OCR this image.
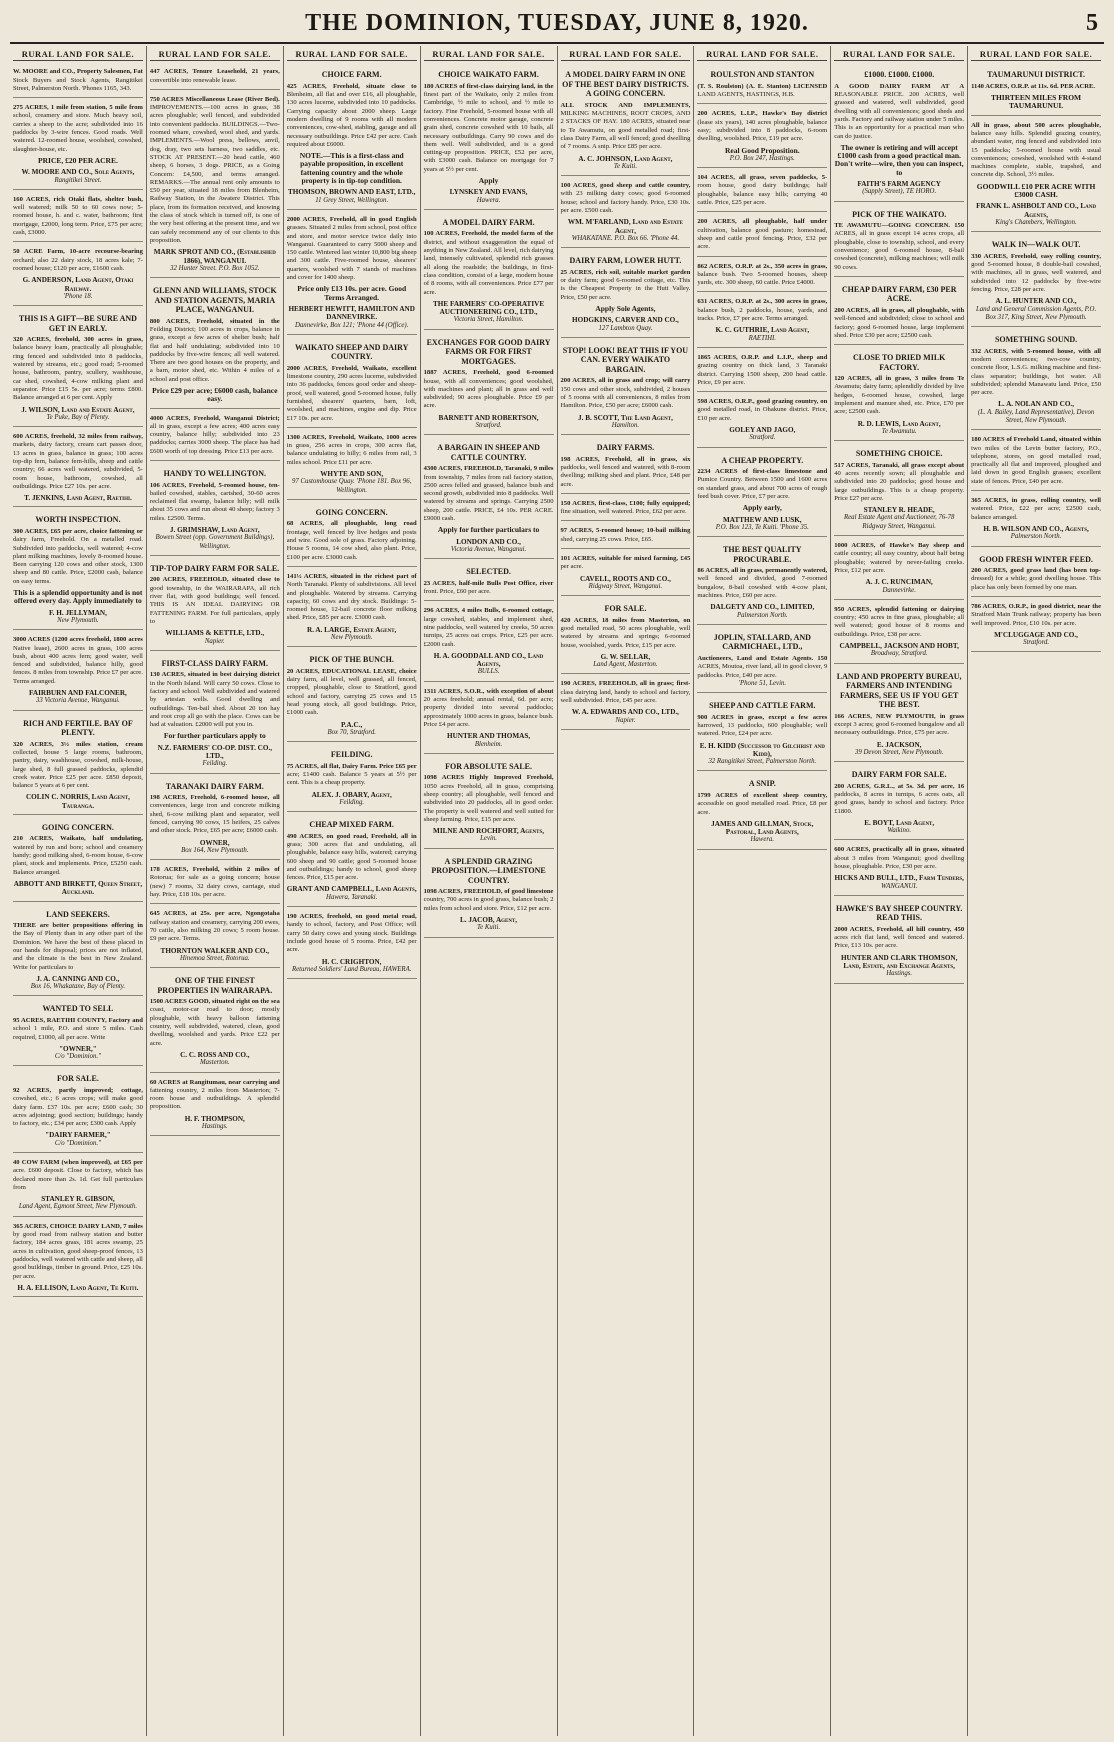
THE DOMINION, TUESDAY, JUNE 8, 1920.	5
RURAL LAND FOR SALE.
W. MOORE and CO., Property Salesmen, Fat Stock Buyers and Stock Agents, Rangitikei Street, Palmerston North. 'Phones 1165, 343.
275 ACRES, 1 mile from station, 5 mile from school, creamery and store. Much heavy soil, carries a sheep to the acre; subdivided into 16 paddocks by 3-wire fences. Good roads. Well watered. 12-roomed house, woolshed, cowshed, slaughter-house, etc.
PRICE, £20 PER ACRE.
W. MOORE AND CO., Sole Agents,
Rangitikei Street.
160 ACRES, rich Otaki flats, shelter bush, well watered; milk 50 to 60 cows now; 5-roomed house, h. and c. water, bathroom; first mortgage, £2000, long term. Price, £75 per acre; cash, £3000.
50 ACRE Farm, 10-acre recourse-bearing orchard; also 22 dairy stock, 18 acres kale; 7-roomed house; £120 per acre, £1600 cash.
G. ANDERSON, Land Agent, Otaki Railway.
'Phone 18.
THIS IS A GIFT—BE SURE AND GET IN EARLY.
320 ACRES, freehold, 300 acres in grass, balance heavy loam, practically all ploughable; ring fenced and subdivided into 8 paddocks, watered by streams, etc.; good road; 5-roomed house, bathroom, pantry, scullery, washhouse, car shed, cowshed, 4-cow milking plant and separator. Price £15 5s. per acre; terms £800. Balance arranged at 6 per cent. Apply
J. WILSON, Land and Estate Agent,
Te Puke, Bay of Plenty.
600 ACRES, freehold, 32 miles from railway, markets, dairy factory, cream cart passes door, 13 acres in grass, balance in grass; 100 acres top-dip fern, balance fern-hills, sheep and cattle country; 66 acres well watered, subdivided, 5-room house, bathroom, cowshed, all outbuildings. Price £27 10s. per acre.
T. JENKINS, Land Agent, Raetihi.
WORTH INSPECTION.
300 ACRES, £65 per acre, choice fattening or dairy farm, Freehold. On a metalled road. Subdivided into paddocks, well watered; 4-cow plant milking machines, lovely 8-roomed house. Been carrying 120 cows and other stock, 1300 sheep and 80 cattle. Price, £2000 cash, balance on easy terms.
This is a splendid opportunity and is not offered every day. Apply immediately to
F. H. JELLYMAN,
New Plymouth.
3000 ACRES (1200 acres freehold, 1800 acres Native lease), 2600 acres in grass, 100 acres bush, about 400 acres fern; good water, well fenced and subdivided, balance hilly, good fences. 8 miles from township. Price £7 per acre. Terms arranged.
FAIRBURN AND FALCONER,
33 Victoria Avenue, Wanganui.
RICH AND FERTILE. BAY OF PLENTY.
320 ACRES, 3½ miles station, cream collected, house 5 large rooms, bathroom, pantry, dairy, washhouse, cowshed, milk-house, large shed, 8 full grassed paddocks, splendid creek water. Price £25 per acre. £850 deposit, balance 5 years at 6 per cent.
COLIN C. NORRIS, Land Agent, Tauranga.
GOING CONCERN.
210 ACRES, Waikato, half undulating, watered by run and bore; school and creamery handy; good milking shed, 6-room house, 6-cow plant, stock and implements. Price, £5250 cash. Balance arranged.
ABBOTT AND BIRKETT, Queen Street, Auckland.
LAND SEEKERS.
THERE are better propositions offering in the Bay of Plenty than in any other part of the Dominion. We have the best of these placed in our hands for disposal; prices are not inflated, and the climate is the best in New Zealand. Write for particulars to
J. A. CANNING AND CO.,
Box 16, Whakatane, Bay of Plenty.
WANTED TO SELL
95 ACRES, RAETIHI COUNTY, Factory and school 1 mile, P.O. and store 5 miles. Cash required, £1000, all per acre. Write
"OWNER,"
C/o "Dominion."
FOR SALE.
92 ACRES, partly improved; cottage, cowshed, etc.; 6 acres crops; will make good dairy farm. £37 10s. per acre; £600 cash; 30 acres adjoining; good section; buildings; handy to factory, etc.; £34 per acre; £300 cash. Apply
"DAIRY FARMER,"
C/o "Dominion."
40 COW FARM (when improved), at £65 per acre. £600 deposit. Close to factory, which has declared more than 2s. 1d. Get full particulars from
STANLEY R. GIBSON,
Land Agent, Egmont Street, New Plymouth.
365 ACRES, CHOICE DAIRY LAND, 7 miles by good road from railway station and butter factory, 184 acres grass, 181 acres swamp, 25 acres in cultivation, good sheep-proof fences, 13 paddocks, well watered with cattle and sheep, all good buildings, timber in ground. Price, £25 10s. per acre.
H. A. ELLISON, Land Agent, Te Kuiti.
RURAL LAND FOR SALE.
447 ACRES, Tenure Leasehold, 21 years, convertible into renewable lease.
750 ACRES Miscellaneous Lease (River Bed). IMPROVEMENTS.—100 acres in grass, 38 acres ploughable; well fenced, and subdivided into convenient paddocks. BUILDINGS.—Two-roomed whare, cowshed, wool shed, and yards. IMPLEMENTS.—Wool press, bellows, anvil, dog, dray, two sets harness, two saddles, etc. STOCK AT PRESENT.—20 head cattle, 460 sheep, 6 horses, 3 dogs. PRICE, as a Going Concern: £4,500, and terms arranged. REMARKS.—The annual rent only amounts to £50 per year, situated 18 miles from Blenheim, Railway Station, in the Awatere District. This place, from its formation received, and knowing the class of stock which is turned off, is one of the very best offering at the present time, and we can safely recommend any of our clients to this proposition.
MARK SPROT AND CO., (Established 1866), WANGANUI.
32 Hunter Street. P.O. Box 1052.
GLENN AND WILLIAMS, STOCK AND STATION AGENTS, MARIA PLACE, WANGANUI.
800 ACRES, Freehold, situated in the Feilding District; 100 acres in crops, balance in grass, except a few acres of shelter bush; half flat and half undulating; subdivided into 10 paddocks by five-wire fences; all well watered. There are two good houses on the property, and a barn, motor shed, etc. Within 4 miles of a school and post office.
Price £29 per acre; £6000 cash, balance easy.
4000 ACRES, Freehold, Wanganui District; all in grass, except a few acres; 400 acres easy country, balance hilly; subdivided into 23 paddocks; carries 3000 sheep. The place has had £600 worth of top dressing. Price £13 per acre.
HANDY TO WELLINGTON.
106 ACRES, Freehold, 5-roomed house, ten-bailed cowshed, stables, cartshed, 30-60 acres reclaimed flat swamp, balance hilly; will milk about 35 cows and run about 40 sheep; factory 3 miles. £2500. Terms.
J. GRIMSHAW, Land Agent,
Bowen Street (opp. Government Buildings), Wellington.
TIP-TOP DAIRY FARM FOR SALE.
200 ACRES, FREEHOLD, situated close to good township, in the WAIRARAPA, all rich river flat, with good buildings; well fenced. THIS IS AN IDEAL DAIRYING OR FATTENING FARM. For full particulars, apply to
WILLIAMS & KETTLE, LTD.,
Napier.
FIRST-CLASS DAIRY FARM.
130 ACRES, situated in best dairying district in the North Island. Will carry 50 cows. Close to factory and school. Well subdivided and watered by artesian wells. Good dwelling and outbuildings. Ten-bail shed. About 20 ton hay and root crop all go with the place. Cows can be had at valuation. £2000 will put you in.
For further particulars apply to
N.Z. FARMERS' CO-OP. DIST. CO., LTD.,
Feilding.
TARANAKI DAIRY FARM.
198 ACRES, Freehold, 6-roomed house, all conveniences, large iron and concrete milking shed, 6-cow milking plant and separator, well fenced, carrying 90 cows, 15 heifers, 25 calves and other stock. Price, £65 per acre; £6000 cash.
OWNER,
Box 164, New Plymouth.
178 ACRES, Freehold, within 2 miles of Rotorua; for sale as a going concern; house (new) 7 rooms, 32 dairy cows, carriage, stud hay. Price, £18 10s. per acre.
645 ACRES, at 25s. per acre, Ngongotaha railway station and creamery, carrying 200 ewes, 70 cattle, also milking 20 cows; 5 room house. £9 per acre. Terms.
THORNTON WALKER AND CO.,
Hinemoa Street, Rotorua.
ONE OF THE FINEST PROPERTIES IN WAIRARAPA.
1500 ACRES GOOD, situated right on the sea coast, motor-car road to door; mostly ploughable, with heavy balloon fattening country, well subdivided, watered, clean, good dwelling, woolshed and yards. Price £22 per acre.
C. C. ROSS AND CO.,
Masterton.
60 ACRES at Rangitumau, near carrying and fattening country, 2 miles from Masterton; 7-room house and outbuildings. A splendid proposition.
H. F. THOMPSON,
Hastings.
RURAL LAND FOR SALE.
CHOICE FARM.
425 ACRES, Freehold, situate close to Blenheim, all flat and over £16, all ploughable, 130 acres lucerne, subdivided into 10 paddocks. Carrying capacity about 2000 sheep. Large modern dwelling of 9 rooms with all modern conveniences, cow-shed, stabling, garage and all necessary outbuildings. Price £42 per acre. Cash required about £6000.
NOTE.—This is a first-class and payable proposition, in excellent fattening country and the whole property is in tip-top condition.
THOMSON, BROWN AND EAST, LTD.,
11 Grey Street, Wellington.
2000 ACRES, Freehold, all in good English grasses. Situated 2 miles from school, post office and store, and motor service twice daily into Wanganui. Guaranteed to carry 5000 sheep and 150 cattle. Wintered last winter 10,800 big sheep and 300 cattle. Five-roomed house, shearers' quarters, woolshed with 7 stands of machines and cover for 1400 sheep.
Price only £13 10s. per acre. Good Terms Arranged.
HERBERT HEWITT, HAMILTON AND DANNEVIRKE.
Dannevirke, Box 121; 'Phone 44 (Office).
WAIKATO SHEEP AND DAIRY COUNTRY.
2000 ACRES, Freehold, Waikato, excellent limestone country, 290 acres lucerne, subdivided into 36 paddocks, fences good order and sheep-proof, well watered, good 5-roomed house, fully furnished, shearers' quarters, barn, loft, woolshed, and machines, engine and dip. Price £17 10s. per acre.
1300 ACRES, Freehold, Waikato, 1000 acres in grass, 256 acres in crops, 300 acres flat, balance undulating to hilly; 6 miles from rail, 3 miles school. Price £11 per acre.
WHYTE AND SON,
97 Customhouse Quay. 'Phone 181. Box 96, Wellington.
GOING CONCERN.
68 ACRES, all ploughable, long road frontage, well fenced by live hedges and posts and wire. Good sole of grass. Factory adjoining. House 5 rooms, 14 cow shed, also plant. Price, £100 per acre. £3000 cash.
141½ ACRES, situated in the richest part of North Taranaki. Plenty of subdivisions. All level and ploughable. Watered by streams. Carrying capacity, 60 cows and dry stock. Buildings: 5-roomed house, 12-bail concrete floor milking shed. Price, £85 per acre. £3000 cash.
R. A. LARGE, Estate Agent,
New Plymouth.
PICK OF THE BUNCH.
20 ACRES, EDUCATIONAL LEASE, choice dairy farm, all level, well grassed, all fenced, cropped, ploughable, close to Stratford, good school and factory, carrying 25 cows and 15 head young stock, all good buildings. Price, £1000 cash.
P.A.C.,
Box 70, Stratford.
FEILDING.
75 ACRES, all flat, Dairy Farm. Price £65 per acre; £1400 cash. Balance 5 years at 5½ per cent. This is a cheap property.
ALEX. J. OBARY, Agent,
Feilding.
CHEAP MIXED FARM.
490 ACRES, on good road, Freehold, all in grass; 300 acres flat and undulating, all ploughable, balance easy hills, watered; carrying 600 sheep and 90 cattle; good 5-roomed house and outbuildings; handy to school, good sheep fences. Price, £15 per acre.
GRANT AND CAMPBELL, Land Agents,
Hawera, Taranaki.
190 ACRES, freehold, on good metal road, handy to school, factory, and Post Office; will carry 50 dairy cows and young stock. Buildings include good house of 5 rooms. Price, £42 per acre.
H. C. CRIGHTON,
Returned Soldiers' Land Bureau, HAWERA.
RURAL LAND FOR SALE.
CHOICE WAIKATO FARM.
180 ACRES of first-class dairying land, in the finest part of the Waikato, only 2 miles from Cambridge, ½ mile to school, and ½ mile to factory. Fine Freehold, 5-roomed house with all conveniences. Concrete motor garage, concrete grain shed, concrete cowshed with 10 bails, all necessary outbuildings. Carry 90 cows and do them well. Well subdivided, and is a good cutting-up proposition. PRICE, £52 per acre, with £3000 cash. Balance on mortgage for 7 years at 5½ per cent.
Apply
LYNSKEY AND EVANS,
Hawera.
A MODEL DAIRY FARM.
100 ACRES, Freehold, the model farm of the district, and without exaggeration the equal of anything in New Zealand. All level, rich dairying land, intensely cultivated, splendid rich grasses all along the roadside; the buildings, in first-class condition, consist of a large, modern house of 8 rooms, with all conveniences. Price £77 per acre.
THE FARMERS' CO-OPERATIVE AUCTIONEERING CO., LTD.,
Victoria Street, Hamilton.
EXCHANGES FOR GOOD DAIRY FARMS OR FOR FIRST MORTGAGES.
1887 ACRES, Freehold, good 6-roomed house, with all conveniences; good woolshed, with machines and plant; all in grass and well subdivided; 90 acres ploughable. Price £9 per acre.
BARNETT AND ROBERTSON,
Stratford.
A BARGAIN IN SHEEP AND CATTLE COUNTRY.
4300 ACRES, FREEHOLD, Taranaki, 9 miles from township, 7 miles from rail factory station, 2500 acres felled and grassed, balance bush and second growth, subdivided into 8 paddocks. Well watered by streams and springs. Carrying 2500 sheep, 200 cattle. PRICE, £4 10s. PER ACRE. £9000 cash.
Apply for further particulars to
LONDON AND CO.,
Victoria Avenue, Wanganui.
SELECTED.
23 ACRES, half-mile Bulls Post Office, river front. Price, £60 per acre.
296 ACRES, 4 miles Bulls, 6-roomed cottage, large cowshed, stables, and implement shed, nine paddocks, well watered by creeks, 50 acres turnips, 25 acres oat crops. Price, £25 per acre. £2000 cash.
H. A. GOODDALL AND CO., Land Agents,
BULLS.
1311 ACRES, S.O.R., with exception of about 20 acres freehold; annual rental, 6d. per acre; property divided into several paddocks; approximately 1000 acres in grass, balance bush. Price £4 per acre.
HUNTER AND THOMAS,
Blenheim.
FOR ABSOLUTE SALE.
1098 ACRES Highly Improved Freehold, 1050 acres Freehold, all in grass, comprising sheep country; all ploughable, well fenced and subdivided into 20 paddocks, all in good order. The property is well watered and well suited for sheep farming. Price, £15 per acre.
MILNE AND ROCHFORT, Agents,
Levin.
A SPLENDID GRAZING PROPOSITION.—LIMESTONE COUNTRY.
1098 ACRES, FREEHOLD, of good limestone country, 700 acres in good grass, balance bush; 2 miles from school and store. Price, £12 per acre.
L. JACOB, Agent,
Te Kuiti.
RURAL LAND FOR SALE.
A MODEL DAIRY FARM IN ONE OF THE BEST DAIRY DISTRICTS. A GOING CONCERN.
ALL STOCK AND IMPLEMENTS, MILKING MACHINES, ROOT CROPS, AND 2 STACKS OF HAY. 180 ACRES, situated near to Te Awamutu, on good metalled road; first-class Dairy Farm, all well fenced; good dwelling of 7 rooms. A snip. Price £85 per acre.
A. C. JOHNSON, Land Agent,
Te Kuiti.
100 ACRES, good sheep and cattle country, with 23 milking dairy cows; good 6-roomed house; school and factory handy. Price, £30 10s. per acre. £500 cash.
WM. M'FARLAND, Land and Estate Agent,
WHAKATANE. P.O. Box 66. 'Phone 44.
DAIRY FARM, LOWER HUTT.
25 ACRES, rich soil, suitable market garden or dairy farm; good 6-roomed cottage, etc. This is the Cheapest Property in the Hutt Valley. Price, £50 per acre.
Apply Sole Agents,
HODGKINS, CARVER AND CO.,
127 Lambton Quay.
STOP! LOOK! BEAT THIS IF YOU CAN. EVERY WAIKATO BARGAIN.
200 ACRES, all in grass and crop; will carry 150 cows and other stock, subdivided, 2 houses of 5 rooms with all conveniences, 8 miles from Hamilton. Price, £50 per acre; £6000 cash.
J. B. SCOTT, The Land Agent,
Hamilton.
DAIRY FARMS.
198 ACRES, Freehold, all in grass, six paddocks, well fenced and watered, with 8-room dwelling; milking shed and plant. Price, £48 per acre.
150 ACRES, first-class, £100; fully equipped; fine situation, well watered. Price, £62 per acre.
97 ACRES, 5-roomed house; 10-bail milking shed, carrying 25 cows. Price, £65.
101 ACRES, suitable for mixed farming, £45 per acre.
CAVELL, ROOTS AND CO.,
Ridgway Street, Wanganui.
FOR SALE.
420 ACRES, 18 miles from Masterton, on good metalled road, 50 acres ploughable, well watered by streams and springs; 6-roomed house, woolshed, yards. Price, £15 per acre.
G. W. SELLAR,
Land Agent, Masterton.
190 ACRES, FREEHOLD, all in grass; first-class dairying land, handy to school and factory, well subdivided. Price, £45 per acre.
W. A. EDWARDS AND CO., LTD.,
Napier.
RURAL LAND FOR SALE.
ROULSTON AND STANTON
(T. S. Roulston) (A. E. Stanton) LICENSED LAND AGENTS, HASTINGS, H.B.
200 ACRES, L.I.P., Hawke's Bay district (lease six years), 140 acres ploughable, balance easy; subdivided into 8 paddocks, 6-room dwelling, woolshed. Price, £19 per acre.
Real Good Proposition.
P.O. Box 247, Hastings.
104 ACRES, all grass, seven paddocks, 5-room house, good dairy buildings; half ploughable, balance easy hills; carrying 40 cattle. Price, £25 per acre.
200 ACRES, all ploughable, half under cultivation, balance good pasture; homestead, sheep and cattle proof fencing. Price, £32 per acre.
862 ACRES, O.R.P. at 2s., 350 acres in grass, balance bush. Two 5-roomed houses, sheep yards, etc. 300 sheep, 60 cattle. Price £4000.
631 ACRES, O.R.P. at 2s., 300 acres in grass, balance bush, 2 paddocks, house, yards, and tracks. Price, £7 per acre. Terms arranged.
K. C. GUTHRIE, Land Agent,
RAETIHI.
1865 ACRES, O.R.P. and L.I.P., sheep and grazing country on thick land, 3 Taranaki district. Carrying 1500 sheep, 200 head cattle. Price, £9 per acre.
598 ACRES, O.R.P., good grazing country, on good metalled road, in Ohakune district. Price, £10 per acre.
GOLEY AND JAGO,
Stratford.
A CHEAP PROPERTY.
2234 ACRES of first-class limestone and Pumice Country. Between 1500 and 1600 acres on standard grass, and about 700 acres of rough feed bush cover. Price, £7 per acre.
Apply early,
MATTHEW AND LUSK,
P.O. Box 123, Te Kuiti. 'Phone 35.
THE BEST QUALITY PROCURABLE.
86 ACRES, all in grass, permanently watered, well fenced and divided, good 7-roomed bungalow, 8-bail cowshed with 4-cow plant, machines. Price, £60 per acre.
DALGETY AND CO., LIMITED,
Palmerston North.
JOPLIN, STALLARD, AND CARMICHAEL, LTD.,
Auctioneers, Land and Estate Agents. 150 ACRES, Moutoa, river land, all in good clover, 9 paddocks. Price, £40 per acre.
'Phone 51, Levin.
SHEEP AND CATTLE FARM.
900 ACRES in grass, except a few acres harrowed, 13 paddocks, 600 ploughable; well watered. Price, £24 per acre.
E. H. KIDD (Successor to Gilchrist and Kidd),
32 Rangitikei Street, Palmerston North.
A SNIP.
1799 ACRES of excellent sheep country, accessible on good metalled road. Price, £8 per acre.
JAMES AND GILLMAN, Stock, Pastoral, Land Agents,
Hawera.
RURAL LAND FOR SALE.
£1000. £1000. £1000.
A GOOD DAIRY FARM AT A REASONABLE PRICE. 200 ACRES, well grassed and watered, well subdivided, good dwelling with all conveniences; good sheds and yards. Factory and railway station under 5 miles. This is an opportunity for a practical man who can do justice.
The owner is retiring and will accept £1000 cash from a good practical man. Don't write—wire, then you can inspect, to
FAITH'S FARM AGENCY
(Sapply Street), TE HORO.
PICK OF THE WAIKATO.
TE AWAMUTU—GOING CONCERN. 150 ACRES, all in grass except 14 acres crops, all ploughable, close to township, school, and every convenience; good 6-roomed house, 8-bail cowshed (concrete), milking machines; will milk 90 cows.
CHEAP DAIRY FARM, £30 PER ACRE.
200 ACRES, all in grass, all ploughable, with well-fenced and subdivided; close to school and factory; good 6-roomed house, large implement shed. Price £30 per acre; £2500 cash.
CLOSE TO DRIED MILK FACTORY.
120 ACRES, all in grass, 3 miles from Te Awamutu; dairy farm; splendidly divided by live hedges, 6-roomed house, cowshed, large implement and manure shed, etc. Price, £70 per acre; £2500 cash.
R. D. LEWIS, Land Agent,
Te Awamutu.
SOMETHING CHOICE.
517 ACRES, Taranaki, all grass except about 40 acres recently sown; all ploughable and subdivided into 20 paddocks; good house and large outbuildings. This is a cheap property. Price £27 per acre.
STANLEY R. HEADE,
Real Estate Agent and Auctioneer, 76-78 Ridgway Street, Wanganui.
1000 ACRES, of Hawke's Bay sheep and cattle country; all easy country, about half being ploughable; watered by never-failing creeks. Price, £12 per acre.
A. J. C. RUNCIMAN,
Dannevirke.
950 ACRES, splendid fattening or dairying country; 450 acres in fine grass, ploughable; all well watered; good house of 8 rooms and outbuildings. Price, £38 per acre.
CAMPBELL, JACKSON AND HOBT,
Broadway, Stratford.
LAND AND PROPERTY BUREAU, FARMERS AND INTENDING FARMERS, SEE US IF YOU GET THE BEST.
166 ACRES, NEW PLYMOUTH, in grass except 3 acres; good 6-roomed bungalow and all necessary outbuildings. Price, £75 per acre.
E. JACKSON,
39 Devon Street, New Plymouth.
DAIRY FARM FOR SALE.
200 ACRES, G.R.L., at 5s. 3d. per acre, 16 paddocks, 8 acres in turnips, 6 acres oats, all good grass, handy to school and factory. Price £1800.
E. BOYT, Land Agent,
Waikino.
600 ACRES, practically all in grass, situated about 3 miles from Wanganui; good dwelling house, ploughable. Price, £30 per acre.
HICKS AND BULL, LTD., Farm Tenders,
WANGANUI.
HAWKE'S BAY SHEEP COUNTRY. READ THIS.
2000 ACRES, Freehold, all hill country, 450 acres rich flat land, well fenced and watered. Price, £13 10s. per acre.
HUNTER AND CLARK THOMSON, Land, Estate, and Exchange Agents,
Hastings.
RURAL LAND FOR SALE.
TAUMARUNUI DISTRICT.
1140 ACRES, O.R.P. at 11s. 6d. PER ACRE.
THIRTEEN MILES FROM TAUMARUNUI.
All in grass, about 500 acres ploughable, balance easy hills. Splendid grazing country, abundant water, ring fenced and subdivided into 15 paddocks; 5-roomed house with usual conveniences; cowshed, woolshed with 4-stand machines complete, stable, trapshed, and concrete dip. School, 3½ miles.
GOODWILL £10 PER ACRE WITH £3000 CASH.
FRANK L. ASHBOLT AND CO., Land Agents,
King's Chambers, Wellington.
WALK IN—WALK OUT.
330 ACRES, Freehold, easy rolling country, good 5-roomed house, 8 double-bail cowshed, with machines, all in grass, well watered, and subdivided into 12 paddocks by five-wire fencing. Price, £28 per acre.
A. L. HUNTER AND CO.,
Land and General Commission Agents, P.O. Box 317, King Street, New Plymouth.
SOMETHING SOUND.
332 ACRES, with 5-roomed house, with all modern conveniences; two-cow country, concrete floor, L.S.G. milking machine and first-class separator; buildings, hot water. All subdivided; splendid Manawatu land. Price, £50 per acre.
L. A. NOLAN AND CO.,
(L. A. Bailey, Land Representative), Devon Street, New Plymouth.
180 ACRES of Freehold Land, situated within two miles of the Levin butter factory, P.O., telephone, stores, on good metalled road, practically all flat and improved, ploughed and laid down in good English grasses; excellent state of fences. Price, £40 per acre.
365 ACRES, in grass, rolling country, well watered. Price, £22 per acre; £2500 cash, balance arranged.
H. B. WILSON AND CO., Agents,
Palmerston North.
GOOD FRESH WINTER FEED.
200 ACRES, good grass land (has been top-dressed) for a while; good dwelling house. This place has only been formed by one man.
786 ACRES, O.R.P., in good district, near the Stratford Main Trunk railway; property has been well improved. Price, £10 10s. per acre.
M'CLUGGAGE AND CO.,
Stratford.
